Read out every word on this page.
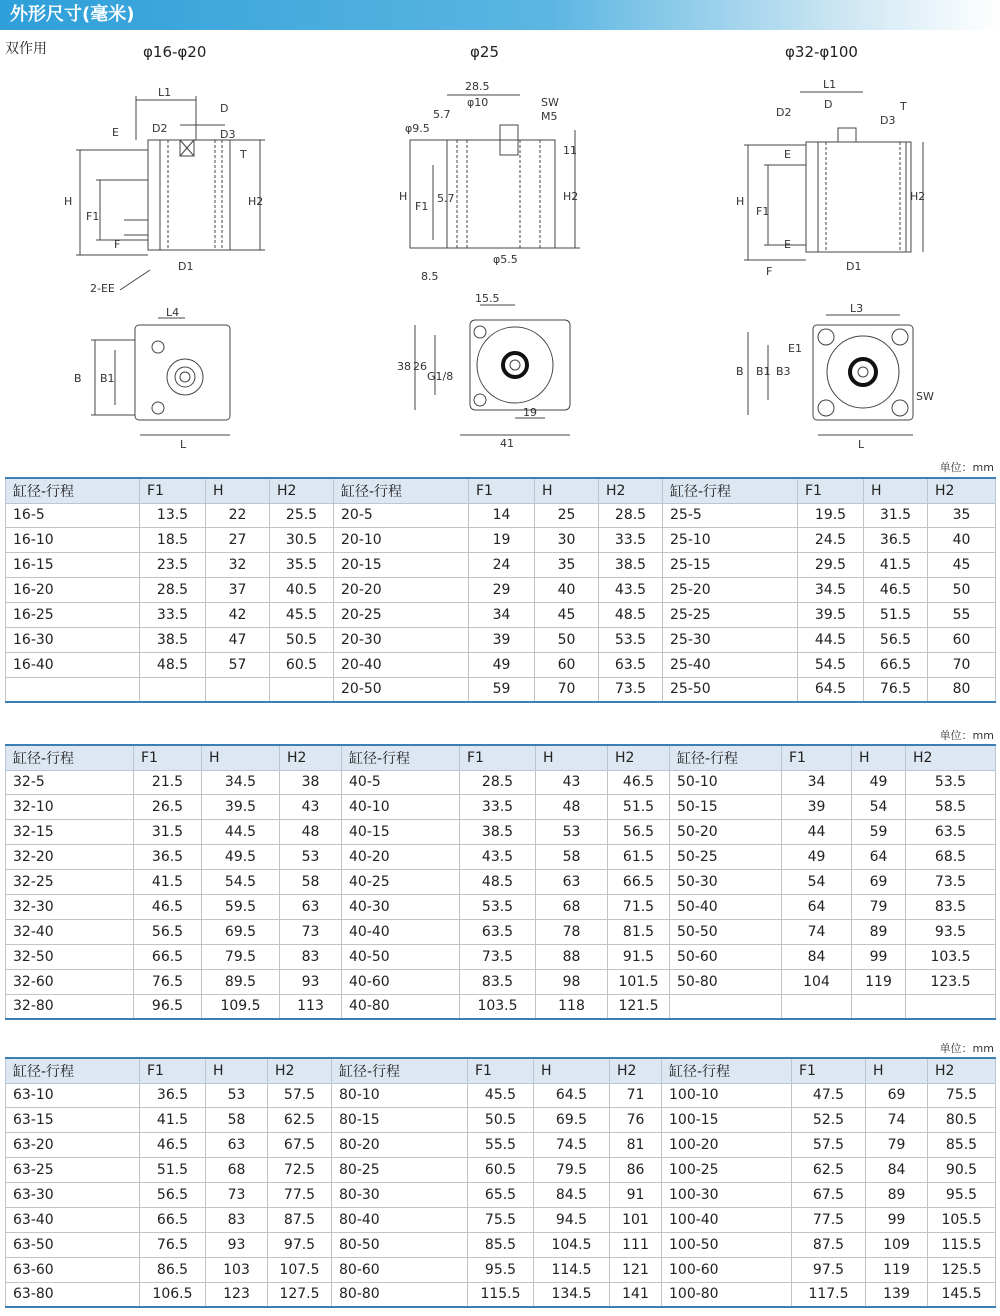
外形尺寸(毫米)
双作用	φ16-φ20	φ25	φ32-φ100
L1
D
E	D2	D3
T
H
F1
H2
F
D1
2-EE
L4
B B1
L
28.5
φ10	SW
5.7	M5
φ9.5
11
H
F1
5.7	H2
8.5
φ5.5
15.5
38 26
G1/8
19
41
L1
D2
D	T
D3
E
H
F1
H2
E
F	D1
L3
E1
B B1 B3
SW
L
单位：mm
缸径-行程	F1	H	H2	缸径-行程	F1	H	H2	缸径-行程	F1	H	H2
16-5	13.5	22	25.5	20-5	14	25	28.5	25-5	19.5	31.5	35
16-10	18.5	27	30.5	20-10	19	30	33.5	25-10	24.5	36.5	40
16-15	23.5	32	35.5	20-15	24	35	38.5	25-15	29.5	41.5	45
16-20	28.5	37	40.5	20-20	29	40	43.5	25-20	34.5	46.5	50
16-25	33.5	42	45.5	20-25	34	45	48.5	25-25	39.5	51.5	55
16-30	38.5	47	50.5	20-30	39	50	53.5	25-30	44.5	56.5	60
16-40	48.5	57	60.5	20-40	49	60	63.5	25-40	54.5	66.5	70
				20-50	59	70	73.5	25-50	64.5	76.5	80
单位：mm
缸径-行程	F1	H	H2	缸径-行程	F1	H	H2	缸径-行程	F1	H	H2
32-5	21.5	34.5	38	40-5	28.5	43	46.5	50-10	34	49	53.5
32-10	26.5	39.5	43	40-10	33.5	48	51.5	50-15	39	54	58.5
32-15	31.5	44.5	48	40-15	38.5	53	56.5	50-20	44	59	63.5
32-20	36.5	49.5	53	40-20	43.5	58	61.5	50-25	49	64	68.5
32-25	41.5	54.5	58	40-25	48.5	63	66.5	50-30	54	69	73.5
32-30	46.5	59.5	63	40-30	53.5	68	71.5	50-40	64	79	83.5
32-40	56.5	69.5	73	40-40	63.5	78	81.5	50-50	74	89	93.5
32-50	66.5	79.5	83	40-50	73.5	88	91.5	50-60	84	99	103.5
32-60	76.5	89.5	93	40-60	83.5	98	101.5	50-80	104	119	123.5
32-80	96.5	109.5	113	40-80	103.5	118	121.5				
单位：mm
缸径-行程	F1	H	H2	缸径-行程	F1	H	H2	缸径-行程	F1	H	H2
63-10	36.5	53	57.5	80-10	45.5	64.5	71	100-10	47.5	69	75.5
63-15	41.5	58	62.5	80-15	50.5	69.5	76	100-15	52.5	74	80.5
63-20	46.5	63	67.5	80-20	55.5	74.5	81	100-20	57.5	79	85.5
63-25	51.5	68	72.5	80-25	60.5	79.5	86	100-25	62.5	84	90.5
63-30	56.5	73	77.5	80-30	65.5	84.5	91	100-30	67.5	89	95.5
63-40	66.5	83	87.5	80-40	75.5	94.5	101	100-40	77.5	99	105.5
63-50	76.5	93	97.5	80-50	85.5	104.5	111	100-50	87.5	109	115.5
63-60	86.5	103	107.5	80-60	95.5	114.5	121	100-60	97.5	119	125.5
63-80	106.5	123	127.5	80-80	115.5	134.5	141	100-80	117.5	139	145.5
